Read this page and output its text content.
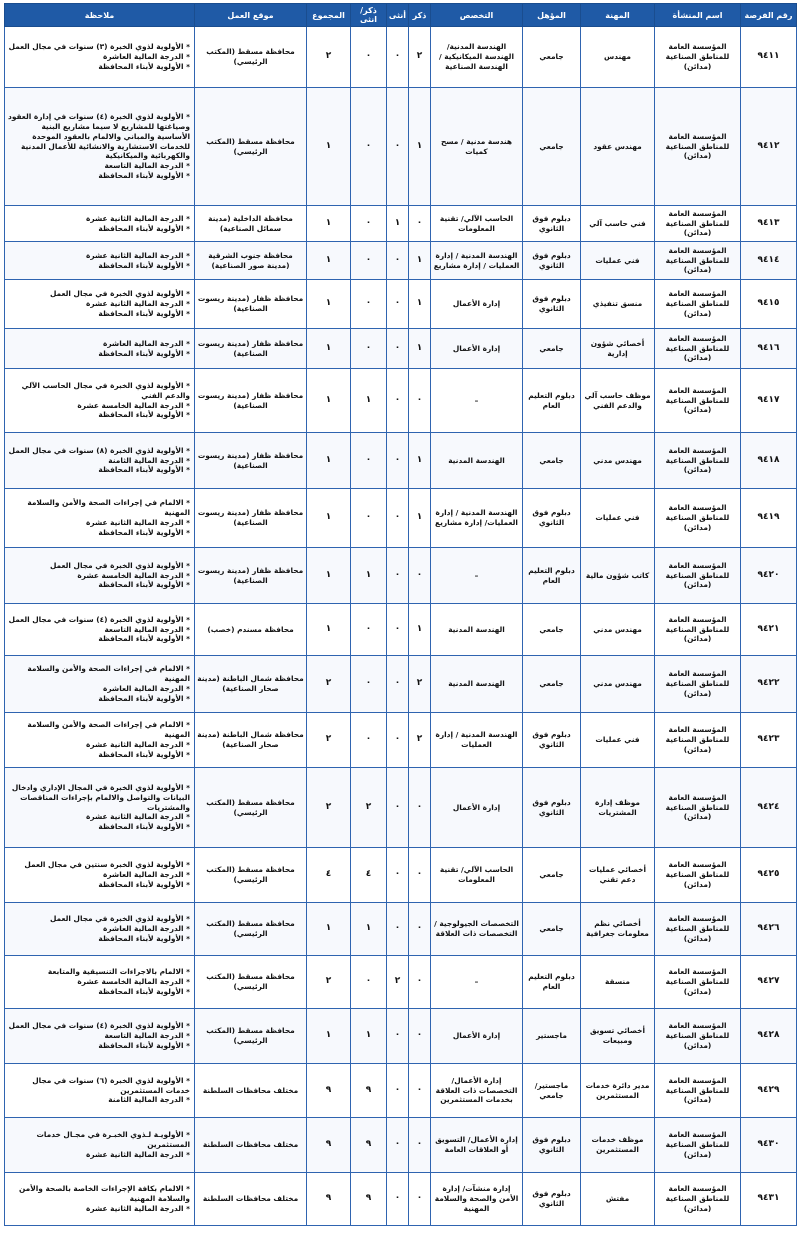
رقم الفرصة	اسم المنشأة	المهنة	المؤهل	التخصص	ذكر	أنثى	ذكر/انثى	المجموع	موقع العمل	ملاحظة
٩٤١١	المؤسسة العامة للمناطق الصناعية (مدائن)	مهندس	جامعي	الهندسة المدنية/ الهندسة الميكانيكية / الهندسة الصناعية	٢	٠	٠	٢	محافظة مسقط (المكتب الرئيسي)	* الأولوية لذوي الخبرة (٣) سنوات في مجال العمل
* الدرجة المالية العاشرة
* الأولوية لأبناء المحافظة

٩٤١٢	المؤسسة العامة للمناطق الصناعية (مدائن)	مهندس عقود	جامعي	هندسة مدنية / مسح كميات	١	٠	٠	١	محافظة مسقط (المكتب الرئيسي)	* الأولوية لذوي الخبرة (٤) سنوات في إدارة العقود وصياغتها للمشاريع لا سيما مشاريع البنية الأساسية والمباني والالمام بالعقود الموحدة للخدمات الاستشارية والانشائية للأعمال المدنية والكهربائية والميكانيكية
* الدرجة المالية التاسعة
* الأولوية لأبناء المحافظة

٩٤١٣	المؤسسة العامة للمناطق الصناعية (مدائن)	فني حاسب آلي	دبلوم فوق الثانوي	الحاسب الآلي/ تقنية المعلومات	٠	١	٠	١	محافظة الداخلية (مدينة سمائل الصناعية)	* الدرجة المالية الثانية عشرة
* الأولوية لأبناء المحافظة

٩٤١٤	المؤسسة العامة للمناطق الصناعية (مدائن)	فني عمليات	دبلوم فوق الثانوي	الهندسة المدنية / إدارة العمليات / إدارة مشاريع	١	٠	٠	١	محافظة جنوب الشرقية (مدينة صور الصناعية)	* الدرجة المالية الثانية عشرة
* الأولوية لأبناء المحافظة

٩٤١٥	المؤسسة العامة للمناطق الصناعية (مدائن)	منسق تنفيذي	دبلوم فوق الثانوي	إدارة الأعمال	١	٠	٠	١	محافظة ظفار (مدينة ريسوت الصناعية)	* الأولوية لذوي الخبرة في مجال العمل
* الدرجة المالية الثانية عشرة
* الأولوية لأبناء المحافظة

٩٤١٦	المؤسسة العامة للمناطق الصناعية (مدائن)	أخصائي شؤون إدارية	جامعي	إدارة الأعمال	١	٠	٠	١	محافظة ظفار (مدينة ريسوت الصناعية)	* الدرجة المالية العاشرة
* الأولوية لأبناء المحافظة

٩٤١٧	المؤسسة العامة للمناطق الصناعية (مدائن)	موظف حاسب آلي والدعم الفني	دبلوم التعليم العام	–	٠	٠	١	١	محافظة ظفار (مدينة ريسوت الصناعية)	* الأولوية لذوي الخبرة في مجال الحاسب الآلي والدعم الفني
* الدرجة المالية الخامسة عشرة
* الأولوية لأبناء المحافظة

٩٤١٨	المؤسسة العامة للمناطق الصناعية (مدائن)	مهندس مدني	جامعي	الهندسة المدنية	١	٠	٠	١	محافظة ظفار (مدينة ريسوت الصناعية)	* الأولوية لذوي الخبرة (٨) سنوات في مجال العمل
* الدرجة المالية الثامنة
* الأولوية لأبناء المحافظة

٩٤١٩	المؤسسة العامة للمناطق الصناعية (مدائن)	فني عمليات	دبلوم فوق الثانوي	الهندسة المدنية / إدارة العمليات/ إدارة مشاريع	١	٠	٠	١	محافظة ظفار (مدينة ريسوت الصناعية)	* الالمام في إجراءات الصحة والأمن والسلامة المهنية
* الدرجة المالية الثانية عشرة
* الأولوية لأبناء المحافظة

٩٤٢٠	المؤسسة العامة للمناطق الصناعية (مدائن)	كاتب شؤون مالية	دبلوم التعليم العام	–	٠	٠	١	١	محافظة ظفار (مدينة ريسوت الصناعية)	* الأولوية لذوي الخبرة في مجال العمل
* الدرجة المالية الخامسة عشرة
* الأولوية لأبناء المحافظة

٩٤٢١	المؤسسة العامة للمناطق الصناعية (مدائن)	مهندس مدني	جامعي	الهندسة المدنية	١	٠	٠	١	محافظة مسندم (خصب)	* الأولوية لذوي الخبرة (٤) سنوات في مجال العمل
* الدرجة المالية التاسعة
* الأولوية لأبناء المحافظة

٩٤٢٢	المؤسسة العامة للمناطق الصناعية (مدائن)	مهندس مدني	جامعي	الهندسة المدنية	٢	٠	٠	٢	محافظة شمال الباطنة (مدينة صحار الصناعية)	* الالمام في إجراءات الصحة والأمن والسلامة المهنية
* الدرجة المالية العاشرة
* الأولوية لأبناء المحافظة

٩٤٢٣	المؤسسة العامة للمناطق الصناعية (مدائن)	فني عمليات	دبلوم فوق الثانوي	الهندسة المدنية / إدارة العمليات	٢	٠	٠	٢	محافظة شمال الباطنة (مدينة صحار الصناعية)	* الالمام في إجراءات الصحة والأمن والسلامة المهنية
* الدرجة المالية الثانية عشرة
* الأولوية لأبناء المحافظة

٩٤٢٤	المؤسسة العامة للمناطق الصناعية (مدائن)	موظف إدارة المشتريات	دبلوم فوق الثانوي	إدارة الأعمال	٠	٠	٢	٢	محافظة مسقط (المكتب الرئيسي)	* الأولوية لذوي الخبرة في المجال الإداري وادخال البيانات والتواصل والالمام بإجراءات المناقصات والمشتريات
* الدرجة المالية الثانية عشرة
* الأولوية لأبناء المحافظة

٩٤٢٥	المؤسسة العامة للمناطق الصناعية (مدائن)	أخصائي عمليات دعم تقني	جامعي	الحاسب الآلي/ تقنية المعلومات	٠	٠	٤	٤	محافظة مسقط (المكتب الرئيسي)	* الأولوية لذوي الخبرة سنتين في مجال العمل
* الدرجة المالية العاشرة
* الأولوية لأبناء المحافظة

٩٤٢٦	المؤسسة العامة للمناطق الصناعية (مدائن)	أخصائي نظم معلومات جغرافية	جامعي	التخصصات الجيولوجية / التخصصات ذات العلاقة	٠	٠	١	١	محافظة مسقط (المكتب الرئيسي)	* الأولوية لذوي الخبرة في مجال العمل
* الدرجة المالية العاشرة
* الأولوية لأبناء المحافظة

٩٤٢٧	المؤسسة العامة للمناطق الصناعية (مدائن)	منسقة	دبلوم التعليم العام	–	٠	٢	٠	٢	محافظة مسقط (المكتب الرئيسي)	* الالمام بالاجراءات التنسيقية والمتابعة
* الدرجة المالية الخامسة عشرة
* الأولوية لأبناء المحافظة

٩٤٢٨	المؤسسة العامة للمناطق الصناعية (مدائن)	أخصائي تسويق ومبيعات	ماجستير	إدارة الأعمال	٠	٠	١	١	محافظة مسقط (المكتب الرئيسي)	* الأولوية لذوي الخبرة (٤) سنوات في مجال العمل
* الدرجة المالية التاسعة
* الأولوية لأبناء المحافظة

٩٤٢٩	المؤسسة العامة للمناطق الصناعية (مدائن)	مدير دائرة خدمات المستثمرين	ماجستير/ جامعي	إدارة الأعمال/ التخصصات ذات العلاقة بخدمات المستثمرين	٠	٠	٩	٩	مختلف محافظات السلطنة	* الأولوية لذوي الخبرة (٦) سنوات في مجال خدمات المستثمرين
* الدرجة المالية الثامنة

٩٤٣٠	المؤسسة العامة للمناطق الصناعية (مدائن)	موظف خدمات المستثمرين	دبلوم فوق الثانوي	إدارة الأعمال/ التسويق أو العلاقات العامة	٠	٠	٩	٩	مختلف محافظات السلطنة	* الأولويـة لـذوي الخبـرة في مجـال خدمات المستثمرين
* الدرجة المالية الثانية عشرة

٩٤٣١	المؤسسة العامة للمناطق الصناعية (مدائن)	مفتش	دبلوم فوق الثانوي	إدارة منشآت/ إدارة الأمن والصحة والسلامة المهنية	٠	٠	٩	٩	مختلف محافظات السلطنة	* الالمام بكافة الإجراءات الخاصة بالصحة والأمن والسلامة المهنية
* الدرجة المالية الثانية عشرة
